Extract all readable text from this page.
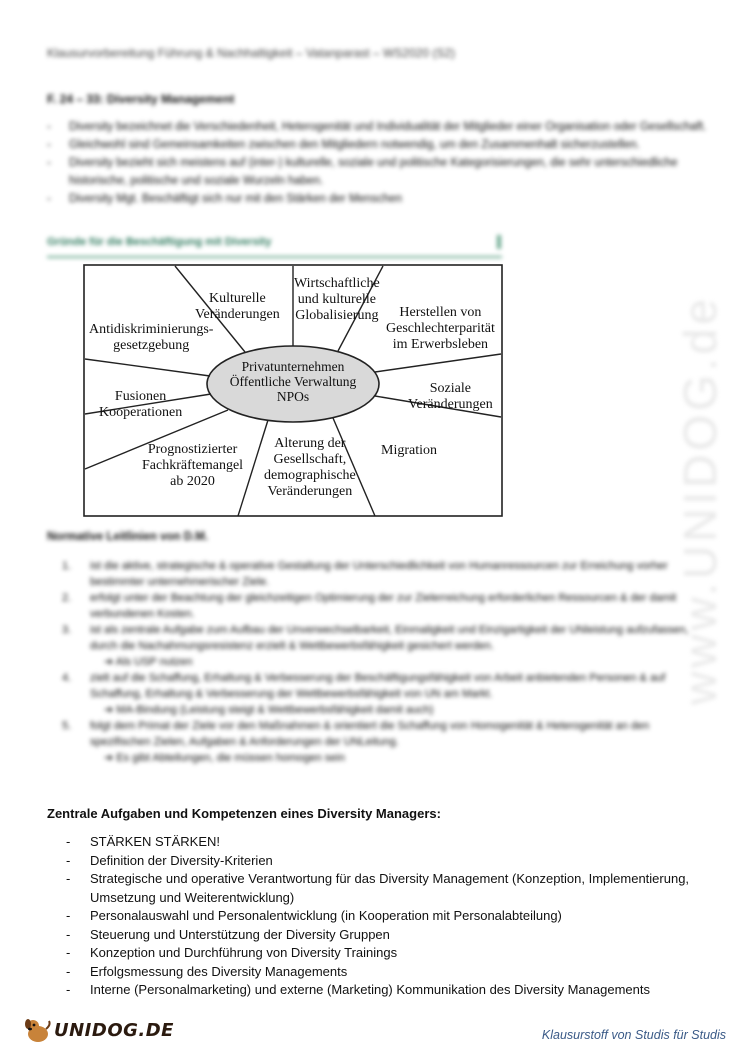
Klausurvorbereitung Führung & Nachhaltigkeit – Vatanparast – WS2020 (S2)
F. 24 – 33: Diversity Management
- Diversity bezeichnet die Verschiedenheit, Heterogenität und Individualität der Mitglieder einer Organisation oder Gesellschaft.
- Gleichwohl sind Gemeinsamkeiten zwischen den Mitgliedern notwendig, um den Zusammenhalt sicherzustellen.
- Diversity bezieht sich meistens auf (inter-) kulturelle, soziale und politische Kategorisierungen, die sehr unterschiedliche historische, politische und soziale Wurzeln haben.
- Diversity Mgt. Beschäftigt sich nur mit den Stärken der Menschen
Gründe für die Beschäftigung mit Diversity
Kulturelle
Veränderungen
Wirtschaftliche
und kulturelle
Globalisierung	Herstellen von
Geschlechterparität
im Erwerbsleben
Antidiskriminierungs-
gesetzgebung
Soziale
Veränderungen
Fusionen
Kooperationen
Migration
Prognostizierter
Fachkräftemangel
ab 2020
Alterung der
Gesellschaft,
demographische
Veränderungen
Privatunternehmen
Öffentliche Verwaltung
NPOs	www.UNIDOG.de
Normative Leitlinien von D.M.
1. ist die aktive, strategische & operative Gestaltung der Unterschiedlichkeit von Humanressourcen zur Erreichung vorher bestimmter unternehmerischer Ziele.
2. erfolgt unter der Beachtung der gleichzeitigen Optimierung der zur Zielerreichung erforderlichen Ressourcen & der damit verbundenen Kosten.
3. ist als zentrale Aufgabe zum Aufbau der Unverwechselbarkeit, Einmaligkeit und Einzigartigkeit der UNleistung aufzufassen, durch die Nachahmungsresistenz erzielt & Wettbewerbsfähigkeit gesichert werden.
➔ Als USP nutzen
4. zielt auf die Schaffung, Erhaltung & Verbesserung der Beschäftigungsfähigkeit von Arbeit anbietenden Personen & auf Schaffung, Erhaltung & Verbesserung der Wettbewerbsfähigkeit von UN am Markt.
➔ MA-Bindung (Leistung steigt & Wettbewerbsfähigkeit damit auch)
5. folgt dem Primat der Ziele vor den Maßnahmen & orientiert die Schaffung von Homogenität & Heterogenität an den spezifischen Zielen, Aufgaben & Anforderungen der UNLeitung.
➔ Es gibt Abteilungen, die müssen homogen sein
Zentrale Aufgaben und Kompetenzen eines Diversity Managers:
- STÄRKEN STÄRKEN!
- Definition der Diversity-Kriterien
- Strategische und operative Verantwortung für das Diversity Management (Konzeption, Implementierung, Umsetzung und Weiterentwicklung)
- Personalauswahl und Personalentwicklung (in Kooperation mit Personalabteilung)
- Steuerung und Unterstützung der Diversity Gruppen
- Konzeption und Durchführung von Diversity Trainings
- Erfolgsmessung des Diversity Managements
- Interne (Personalmarketing) und externe (Marketing) Kommunikation des Diversity Managements
UNIDOG.DE	Klausurstoff von Studis für Studis
